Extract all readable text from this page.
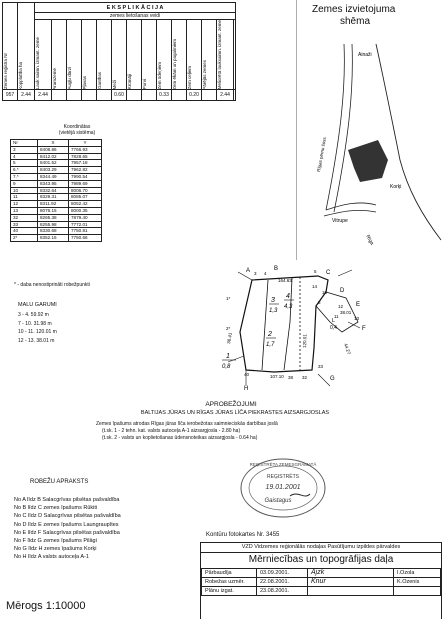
Zemes reģistra Nr	Kopplatība ha	E K S P L I K Ā C I J A													

		zemes lietošanas veidi													

		Lauk saimn. izmant. zeme	Aramzeme	Augļu dārzi	Pļavas	Ganības	Meži	Krūmāji	Purvi	Zem ūdeņiem	Zem ēkām un pagalmiem	Zem ceļiem	Pārējās zemes	Meliorētā lauksaimn. izmant. zeme	

957	2.44	2.44					0.60			0.33		0.20		2.44	

Zemes izvietojuma
shēma
Ainaži
Rīgas pērnu šoss
Korķi
Vitrupe
Rīga
Koordinātas
(vietējā sistēma)
Nr	X	Y
3	8408.86	7766.93
4	8412.02	7828.65
5	8401.52	7957.18
6.*	8403.29	7962.82
7.*	8344.49	7990.54
9	8343.95	7989.69
10	8332.64	8006.70
11	8329.31	8085.07
12	8311.92	8052.42
13	8076.15	8000.35
32	8265.38	7879.40
33	8255.98	7772.01
40	8330.68	7750.81
2*	8352.15	7750.66
* - daba nenostiprināti robežpunkti
MALU GARUMI
3 - 4. 59.92 m
7 - 10. 31.98 m
10 - 11. 120.01 m
12 - 13. 38.01 m
A	B
C
D
E
F
G
H
3 4	5
8
10
11
12
13
32
33
38
40
1*
2*
14
164.63
38.01
120.01
107.10
44.27
36.41
3
1,3
4
4,3
2
1,7
1
0,8
L
0,4
APROBEŽOJUMI
BALTIJAS JŪRAS UN RĪGAS JŪRAS LĪČA PIEKRASTES AIZSARGJOSLAS
Zemes īpašums atrodas Rīgas jūras līča ierobežotas saimnieciskās darbības joslā
(t.sk. 1 - 2 tehn. kat. valsts autoceļa A-1 aizsargjosla - 2.80 ha)
(t.sk. 2 - valsts un koplietošanas ūdensnoteikas aizsargjosla - 0.64 ha)
REĢISTRĒTA ZEMESGRĀMATĀ
REĢISTRĒTS
19.01.2001
Gaistagus
ROBEŽU APRAKSTS
No A līdz B Salacgrīvas pilsētas pašvaldība
No B līdz C zemes īpašums Rūkiti
No C līdz D Salacgrīvas pilsētas pašvaldība
No D līdz E zemes īpašums Laungraupītes
No E līdz F Salacgrīvas pilsētas pašvaldība
No F līdz G zemes īpašums Pilāgi
No G līdz H zemes īpašums Korķi
No H līdz A valsts autoceļa A-1
Mērogs 1:10000
Kontūru fotokartes Nr. 3455
VZD Vidzemes reģionālās nodaļas Pasūtījumu izpildes pārvaldes
Mērniecības un topogrāfijas daļa
Pārbaudīja	03.09.2001.	Ajzk	I.Ozola
Robežas uzmēr.	22.08.2001.	Knur	K.Ozenis
Plānu izgat.	23.08.2001.		
